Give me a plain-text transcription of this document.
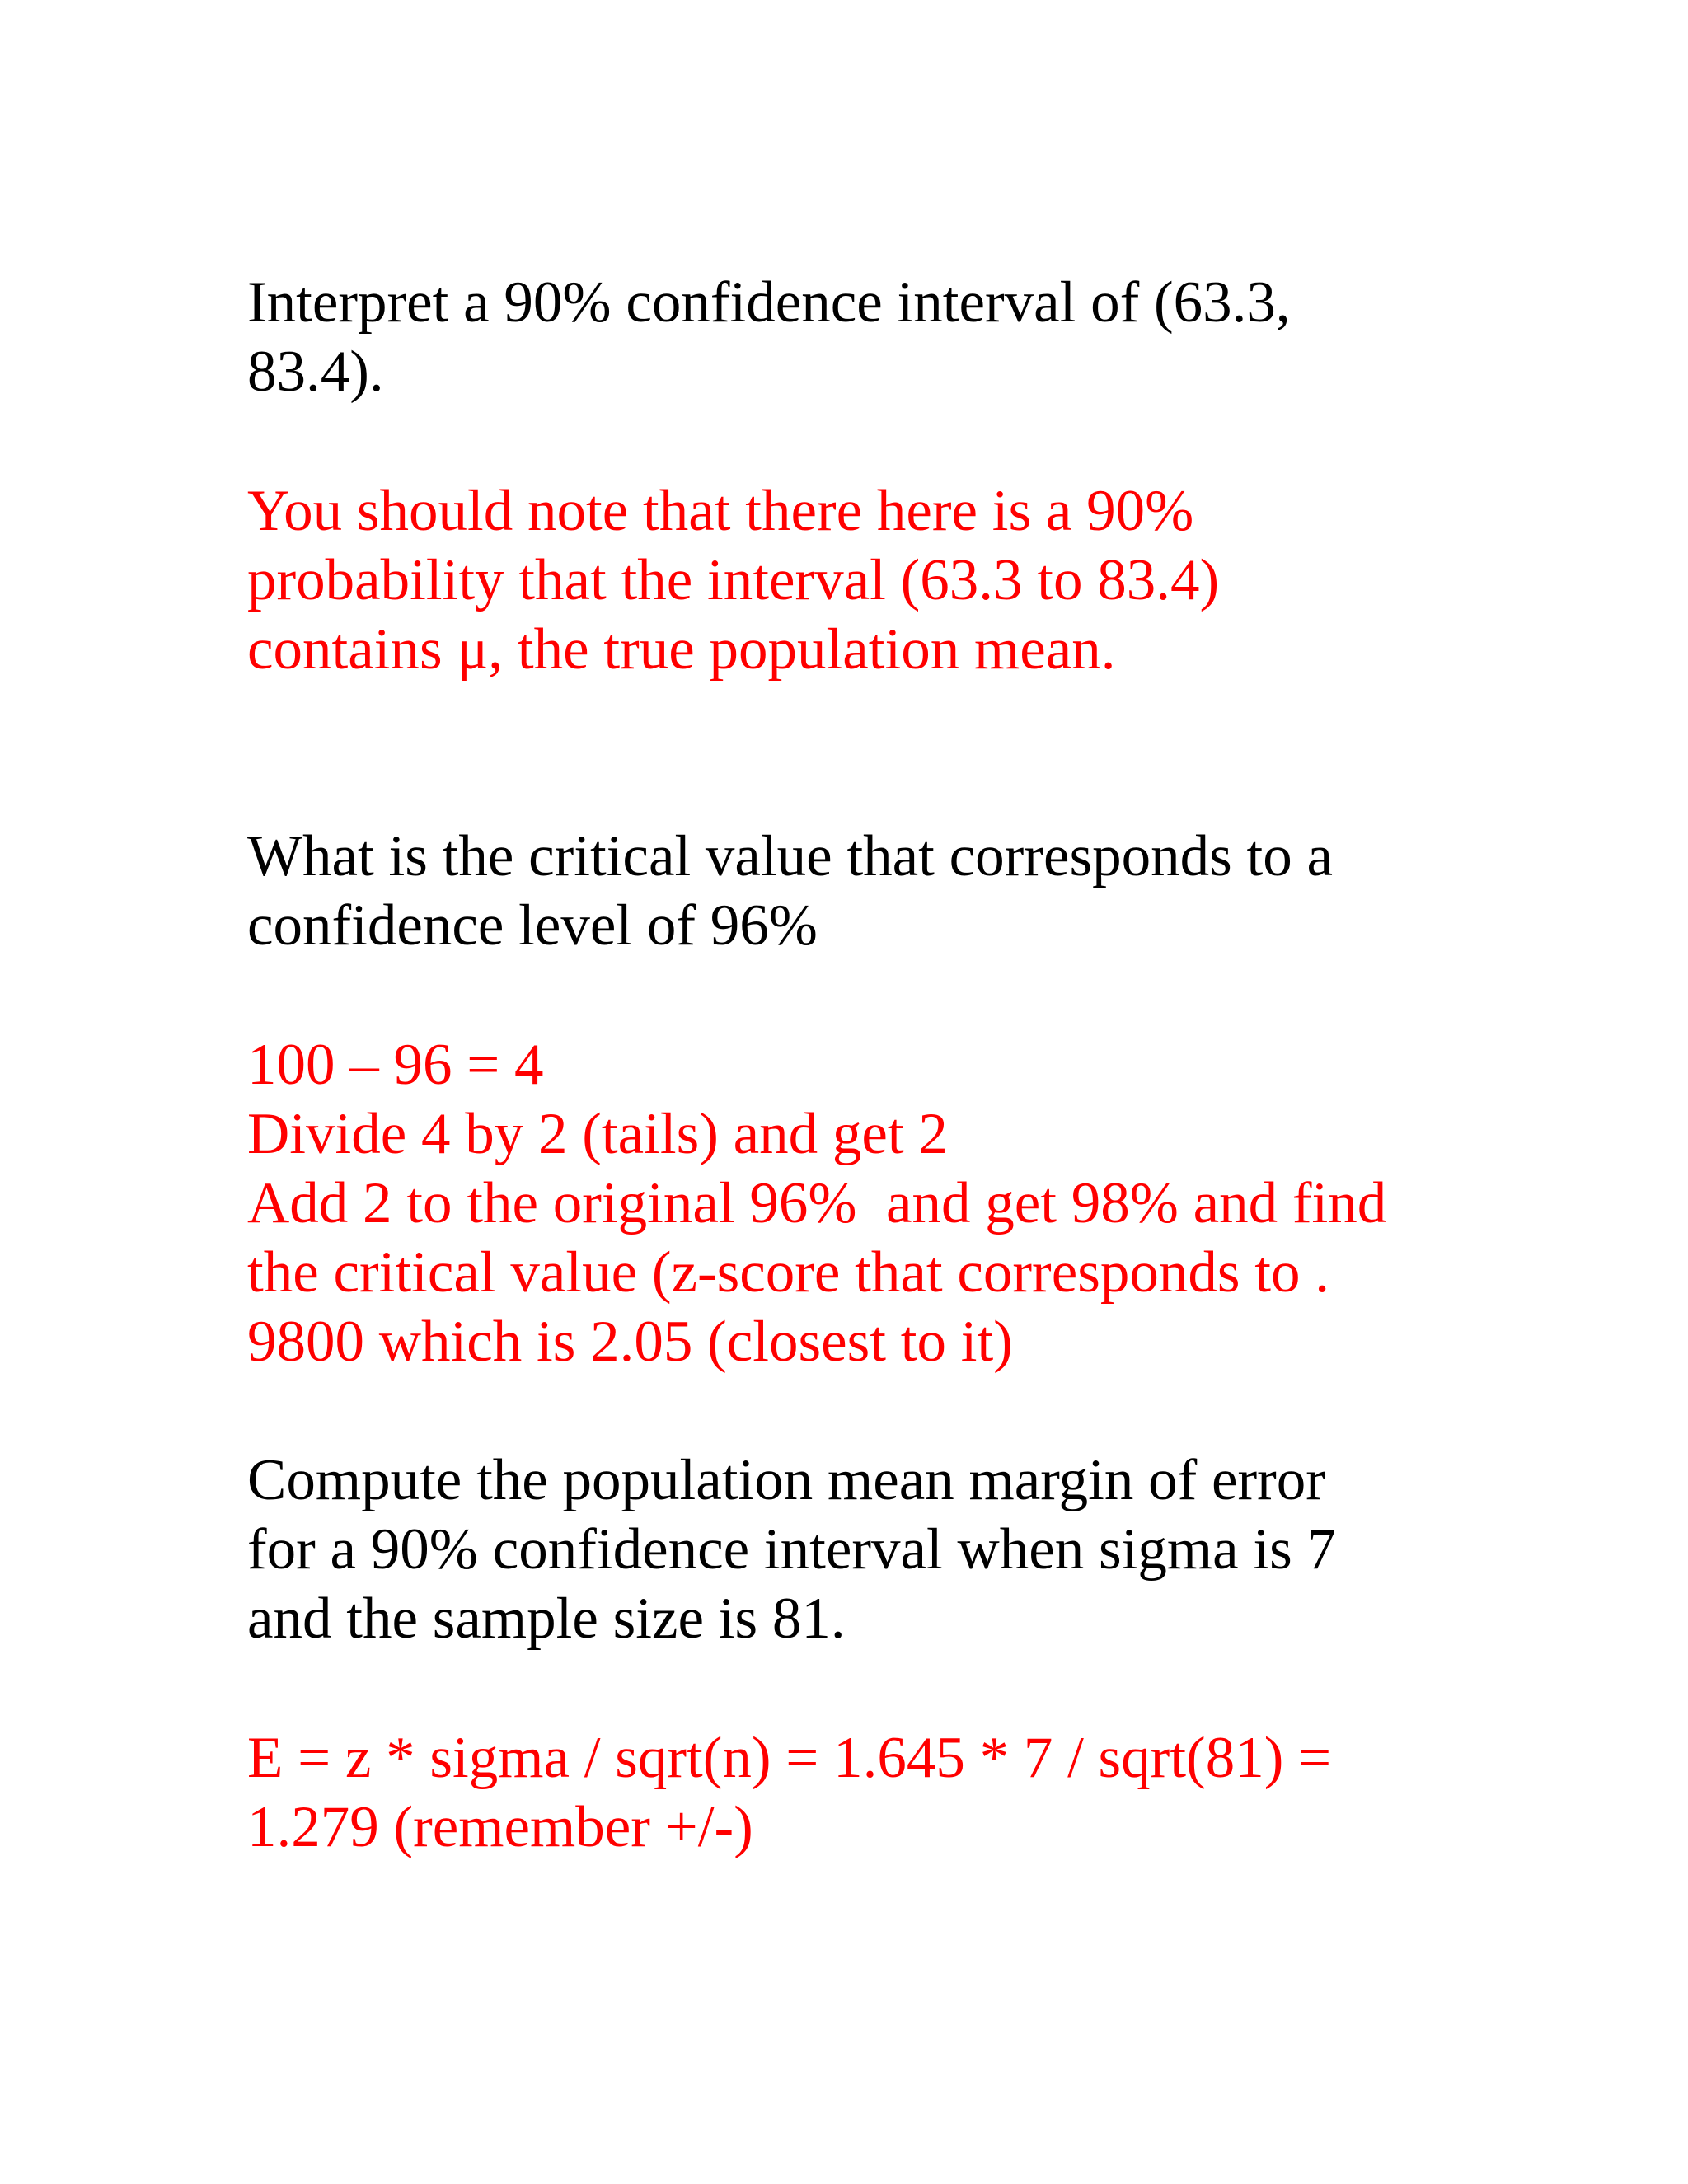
Interpret a 90% confidence interval of (63.3,
83.4).
You should note that there here is a 90%
probability that the interval (63.3 to 83.4)
contains μ, the true population mean.
What is the critical value that corresponds to a
confidence level of 96%
100 – 96 = 4
Divide 4 by 2 (tails) and get 2
Add 2 to the original 96%  and get 98% and find
the critical value (z-score that corresponds to .
9800 which is 2.05 (closest to it)
Compute the population mean margin of error
for a 90% confidence interval when sigma is 7
and the sample size is 81.
E = z * sigma / sqrt(n) = 1.645 * 7 / sqrt(81) =
1.279 (remember +/-)
